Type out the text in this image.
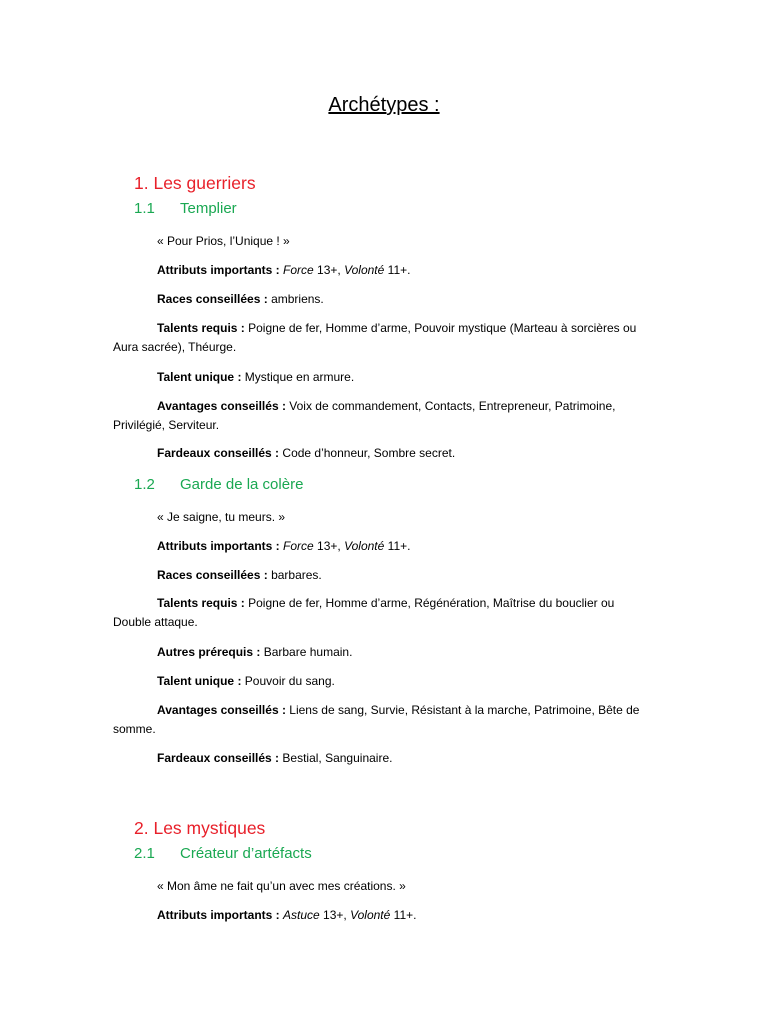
Archétypes :
1. Les guerriers
1.1 Templier
« Pour Prios, l’Unique ! »
Attributs importants : Force 13+, Volonté 11+.
Races conseillées : ambriens.
Talents requis : Poigne de fer, Homme d’arme, Pouvoir mystique (Marteau à sorcières ou Aura sacrée), Théurge.
Talent unique : Mystique en armure.
Avantages conseillés : Voix de commandement, Contacts, Entrepreneur, Patrimoine, Privilégié, Serviteur.
Fardeaux conseillés : Code d’honneur, Sombre secret.
1.2 Garde de la colère
« Je saigne, tu meurs. »
Attributs importants : Force 13+, Volonté 11+.
Races conseillées : barbares.
Talents requis : Poigne de fer, Homme d’arme, Régénération, Maîtrise du bouclier ou Double attaque.
Autres prérequis : Barbare humain.
Talent unique : Pouvoir du sang.
Avantages conseillés : Liens de sang, Survie, Résistant à la marche, Patrimoine, Bête de somme.
Fardeaux conseillés : Bestial, Sanguinaire.
2. Les mystiques
2.1 Créateur d’artéfacts
« Mon âme ne fait qu’un avec mes créations. »
Attributs importants : Astuce 13+, Volonté 11+.
